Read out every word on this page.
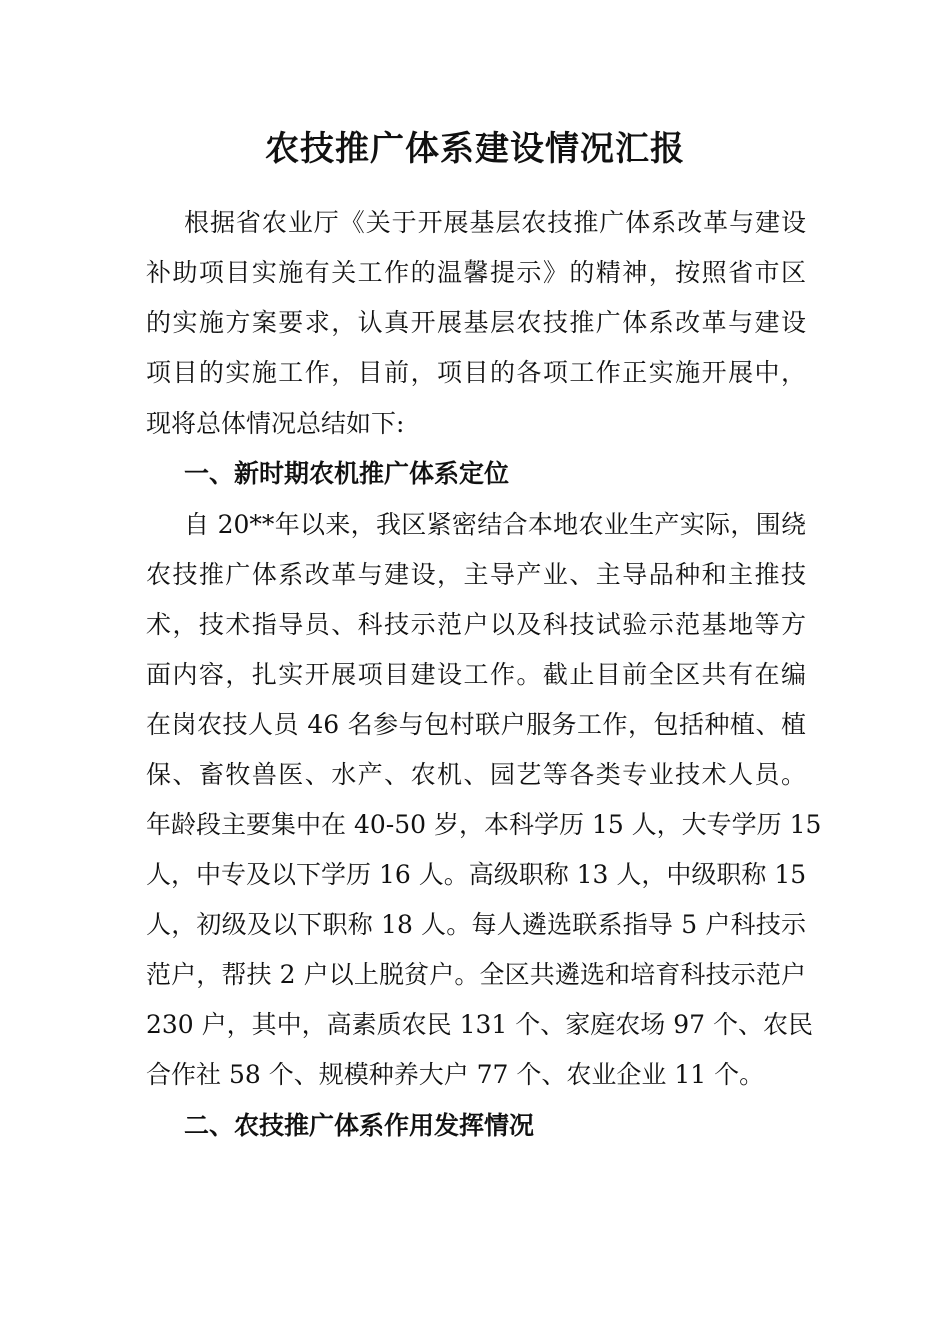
农技推广体系建设情况汇报
根据省农业厅《关于开展基层农技推广体系改革与建设
补助项目实施有关工作的温馨提示》的精神，按照省市区
的实施方案要求，认真开展基层农技推广体系改革与建设
项目的实施工作，目前，项目的各项工作正实施开展中，
现将总体情况总结如下:
一、新时期农机推广体系定位
自 20**年以来，我区紧密结合本地农业生产实际，围绕
农技推广体系改革与建设，主导产业、主导品种和主推技
术，技术指导员、科技示范户以及科技试验示范基地等方
面内容，扎实开展项目建设工作。截止目前全区共有在编
在岗农技人员 46 名参与包村联户服务工作，包括种植、植
保、畜牧兽医、水产、农机、园艺等各类专业技术人员。
年龄段主要集中在 40-50 岁，本科学历 15 人，大专学历 15
人，中专及以下学历 16 人。高级职称 13 人，中级职称 15
人，初级及以下职称 18 人。每人遴选联系指导 5 户科技示
范户，帮扶 2 户以上脱贫户。全区共遴选和培育科技示范户
230 户，其中，高素质农民 131 个、家庭农场 97 个、农民
合作社 58 个、规模种养大户 77 个、农业企业 11 个。
二、农技推广体系作用发挥情况
